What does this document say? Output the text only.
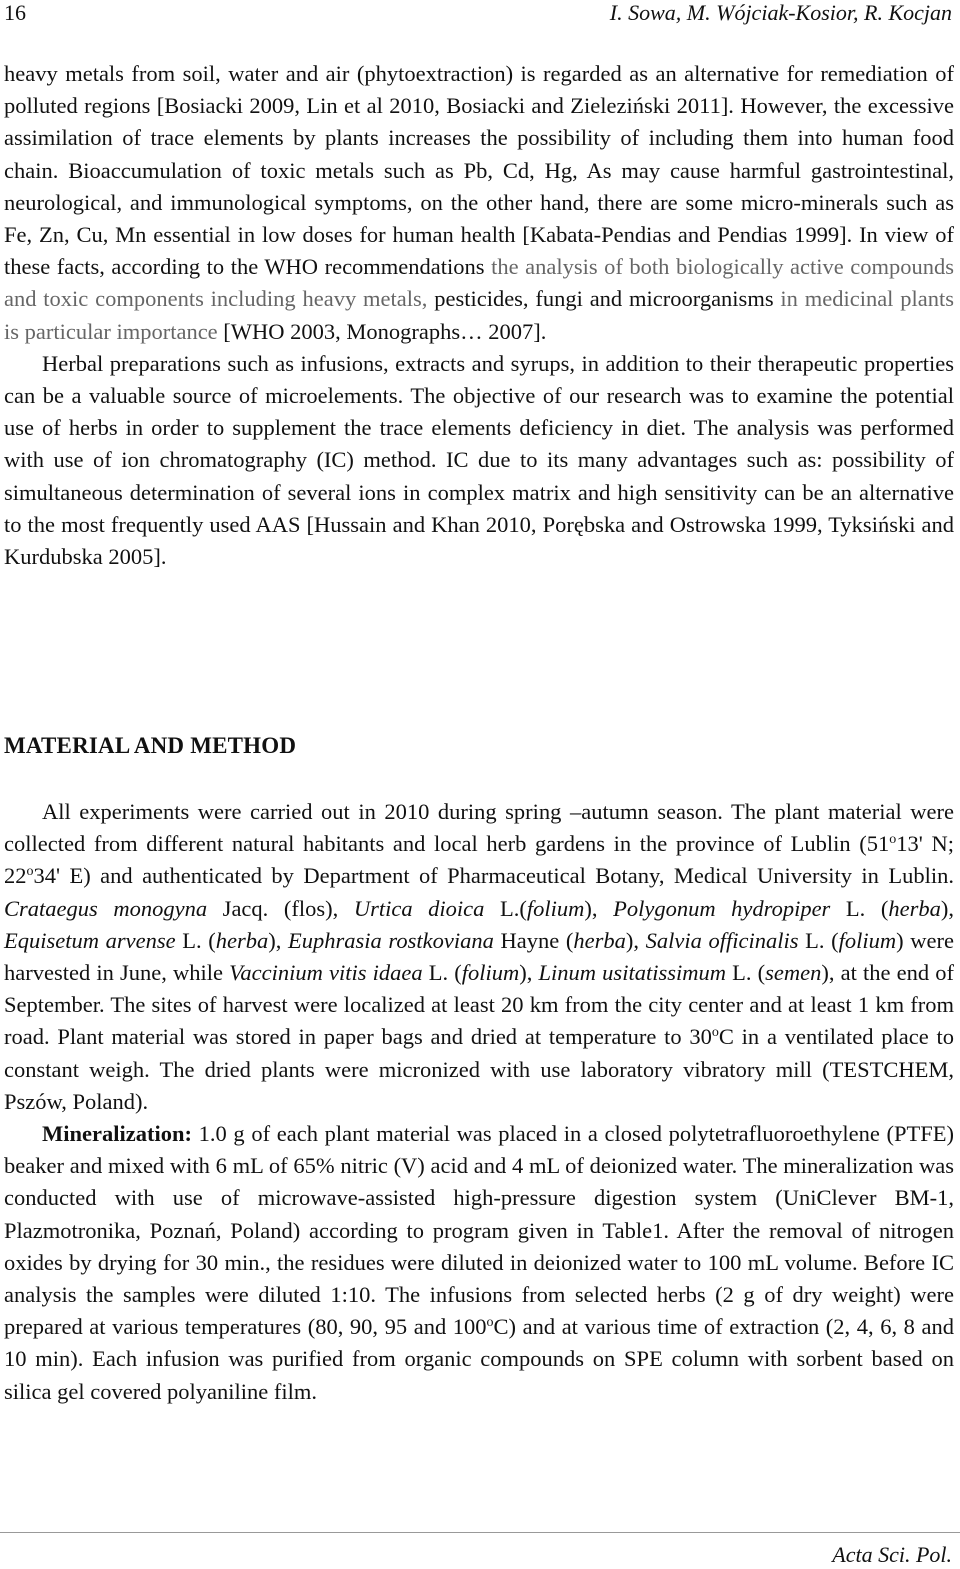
16	I. Sowa, M. Wójciak-Kosior, R. Kocjan

heavy metals from soil, water and air (phytoextraction) is regarded as an alternative for remediation of polluted regions [Bosiacki 2009, Lin et al 2010, Bosiacki and Zieleziński 2011]. However, the excessive assimilation of trace elements by plants increases the possibility of including them into human food chain. Bioaccumulation of toxic metals such as Pb, Cd, Hg, As may cause harmful gastrointestinal, neurological, and immunological symptoms, on the other hand, there are some micro-minerals such as Fe, Zn, Cu, Mn essential in low doses for human health [Kabata-Pendias and Pendias 1999]. In view of these facts, according to the WHO recommendations the analysis of both biologically active compounds and toxic components including heavy metals, pesticides, fungi and microorganisms in medicinal plants is particular importance [WHO 2003, Monographs… 2007].

Herbal preparations such as infusions, extracts and syrups, in addition to their therapeutic properties can be a valuable source of microelements. The objective of our research was to examine the potential use of herbs in order to supplement the trace elements deficiency in diet. The analysis was performed with use of ion chromatography (IC) method. IC due to its many advantages such as: possibility of simultaneous determination of several ions in complex matrix and high sensitivity can be an alternative to the most frequently used AAS [Hussain and Khan 2010, Porębska and Ostrowska 1999, Tyksiński and Kurdubska 2005].

MATERIAL AND METHOD

All experiments were carried out in 2010 during spring –autumn season. The plant material were collected from different natural habitants and local herb gardens in the province of Lublin (51$^o$13' N; 22$^o$34' E) and authenticated by Department of Pharmaceutical Botany, Medical University in Lublin. Crataegus monogyna Jacq. (flos), Urtica dioica L.(folium), Polygonum hydropiper L. (herba), Equisetum arvense L. (herba), Euphrasia rostkoviana Hayne (herba), Salvia officinalis L. (folium) were harvested in June, while Vaccinium vitis idaea L. (folium), Linum usitatissimum L. (semen), at the end of September. The sites of harvest were localized at least 20 km from the city center and at least 1 km from road. Plant material was stored in paper bags and dried at temperature to 30$^o$C in a ventilated place to constant weigh. The dried plants were micronized with use laboratory vibratory mill (TESTCHEM, Pszów, Poland).

Mineralization: 1.0 g of each plant material was placed in a closed polytetrafluoroethylene (PTFE) beaker and mixed with 6 mL of 65% nitric (V) acid and 4 mL of deionized water. The mineralization was conducted with use of microwave-assisted high-pressure digestion system (UniClever BM-1, Plazmotronika, Poznań, Poland) according to program given in Table1. After the removal of nitrogen oxides by drying for 30 min., the residues were diluted in deionized water to 100 mL volume. Before IC analysis the samples were diluted 1:10. The infusions from selected herbs (2 g of dry weight) were prepared at various temperatures (80, 90, 95 and 100$^o$C) and at various time of extraction (2, 4, 6, 8 and 10 min). Each infusion was purified from organic compounds on SPE column with sorbent based on silica gel covered polyaniline film.

Acta Sci. Pol.
